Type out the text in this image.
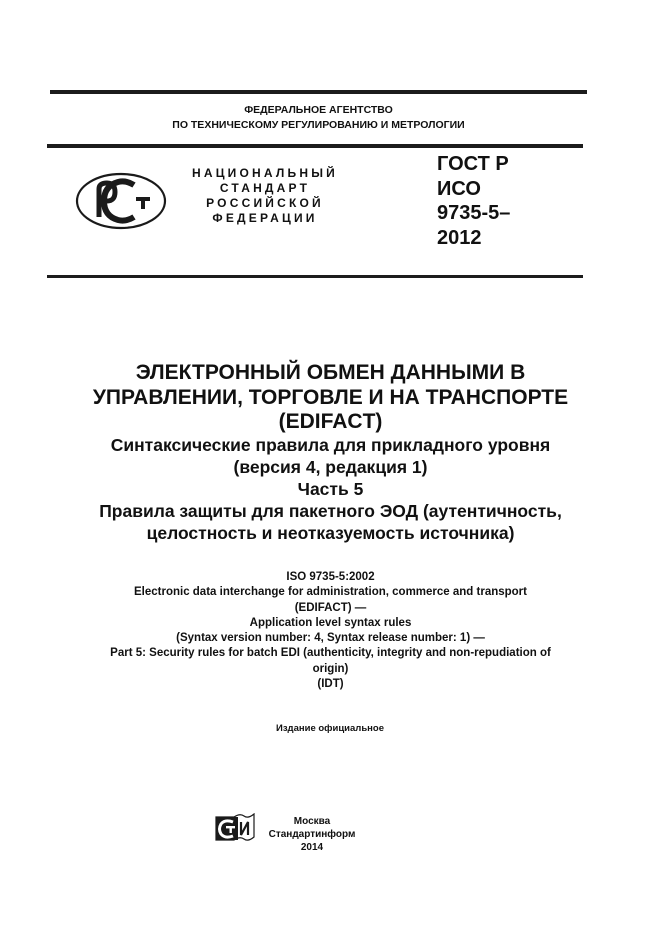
ФЕДЕРАЛЬНОЕ АГЕНТСТВО
ПО ТЕХНИЧЕСКОМУ РЕГУЛИРОВАНИЮ И МЕТРОЛОГИИ
НАЦИОНАЛЬНЫЙ
СТАНДАРТ
РОССИЙСКОЙ
ФЕДЕРАЦИИ
ГОСТ Р
ИСО
9735-5–
2012
ЭЛЕКТРОННЫЙ ОБМЕН ДАННЫМИ В
УПРАВЛЕНИИ, ТОРГОВЛЕ И НА ТРАНСПОРТЕ
(EDIFACT)
Синтаксические правила для прикладного уровня
(версия 4, редакция 1)
Часть 5
Правила защиты для пакетного ЭОД (аутентичность,
целостность и неотказуемость источника)
ISO 9735-5:2002
Electronic data interchange for administration, commerce and transport
(EDIFACT) —
Application level syntax rules
(Syntax version number: 4, Syntax release number: 1) —
Part 5: Security rules for batch EDI (authenticity, integrity and non-repudiation of
origin)
(IDT)
Издание официальное
Москва
Стандартинформ
2014
